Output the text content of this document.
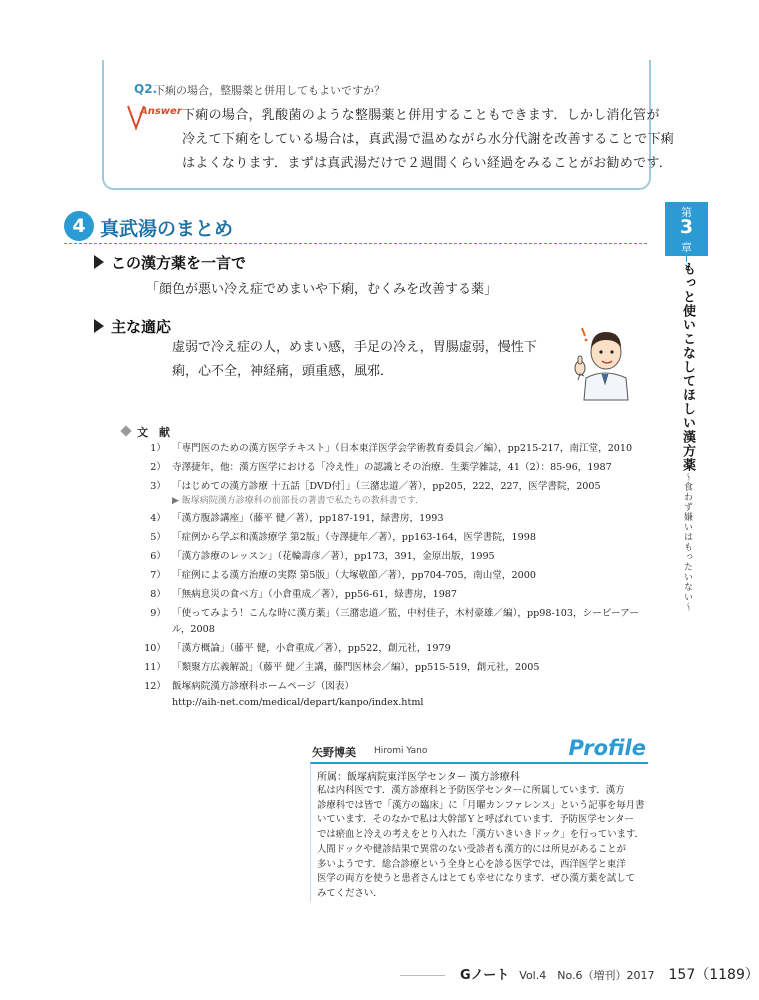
Q2.
下痢の場合，整腸薬と併用してもよいですか？
Answer 下痢の場合，乳酸菌のような整腸薬と併用することもできます．しかし消化管が
冷えて下痢をしている場合は，真武湯で温めながら水分代謝を改善することで下痢
はよくなります．まずは真武湯だけで２週間くらい経過をみることがお勧めです．
4 真武湯のまとめ
この漢方薬を一言で
「顔色が悪い冷え症でめまいや下痢，むくみを改善する薬」
主な適応
虚弱で冷え症の人，めまい感，手足の冷え，胃腸虚弱，慢性下
痢，心不全，神経痛，頭重感，風邪．
文　献
1） 「専門医のための漢方医学テキスト」（日本東洋医学会学術教育委員会／編），pp215-217，南江堂，2010
2） 寺澤捷年，他：漢方医学における「冷え性」の認識とその治療．生薬学雑誌，41（2）：85-96，1987
3） 「はじめての漢方診療 十五話［DVD付］」（三潴忠道／著），pp205，222，227，医学書院，2005
▶ 飯塚病院漢方診療科の前部長の著書で私たちの教科書です．
4） 「漢方腹診講座」（藤平 健／著），pp187-191，緑書房，1993
5） 「症例から学ぶ和漢診療学 第2版」（寺澤捷年／著），pp163-164，医学書院，1998
6） 「漢方診療のレッスン」（花輪壽彦／著），pp173，391，金原出版，1995
7） 「症例による漢方治療の実際 第5版」（大塚敬節／著），pp704-705，南山堂，2000
8） 「無病息災の食べ方」（小倉重成／著），pp56-61，緑書房，1987
9） 「使ってみよう！こんな時に漢方薬」（三潴忠道／監，中村佳子，木村豪雄／編），pp98-103，シービーアール，2008
10） 「漢方概論」（藤平 健，小倉重成／著），pp522，創元社，1979
11） 「類聚方広義解説」（藤平 健／主講，藤門医林会／編），pp515-519，創元社，2005
12） 飯塚病院漢方診療科ホームページ（図表）
http://aih-net.com/medical/depart/kanpo/index.html
矢野博美 Hiromi Yano	Profile
所属：飯塚病院東洋医学センター 漢方診療科
私は内科医です．漢方診療科と予防医学センターに所属しています．漢方
診療科では皆で「漢方の臨床」に「月曜カンファレンス」という記事を毎月書
いています．そのなかで私は大幹部Ｙと呼ばれています．予防医学センター
では瘀血と冷えの考えをとり入れた「漢方いきいきドック」を行っています．
人間ドックや健診結果で異常のない受診者も漢方的には所見があることが
多いようです．総合診療という全身と心を診る医学では，西洋医学と東洋
医学の両方を使うと患者さんはとても幸せになります．ぜひ漢方薬を試して
みてください．
第
3
章
もっと使いこなしてほしい漢方薬〜食わず嫌いはもったいない〜
Gノート Vol.4　No.6（増刊）2017 157（1189）
